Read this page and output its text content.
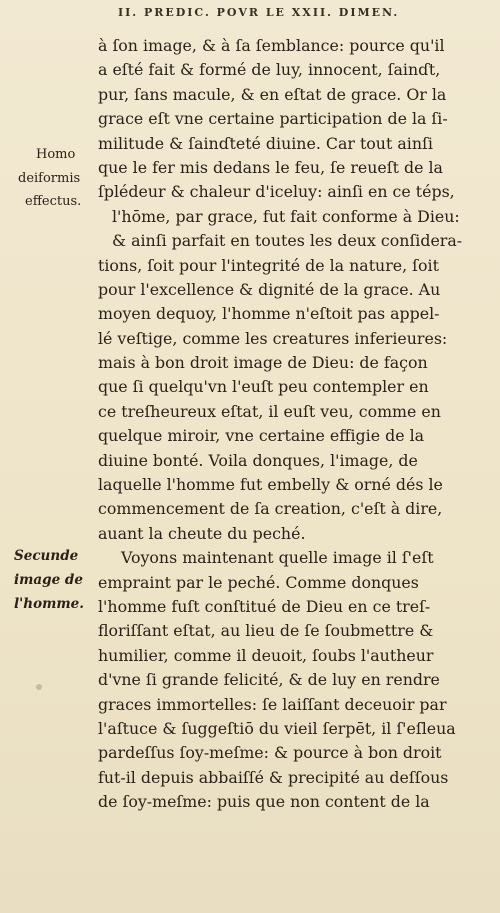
II. PREDIC. POVR LE XXII. DIMEN.
Homo
deiformis
effectus.
Secunde
image de
l'homme.
à ſon image, & à ſa ſemblance: pource qu'il
a eſté fait & formé de luy, innocent, ſainɗt,
pur, ſans macule, & en eſtat de grace. Or la
grace eſt vne certaine participation de la ſi-
militude & ſainɗteté diuine. Car tout ainſi
que le fer mis dedans le feu, ſe reueſt de la
ſplédeur & chaleur d'iceluy: ainſi en ce téps,
l'hōme, par grace, fut fait conforme à Dieu:
& ainſi parfait en toutes les deux conſidera-
tions, ſoit pour l'integrité de la nature, ſoit
pour l'excellence & dignité de la grace. Au
moyen dequoy, l'homme n'eſtoit pas appel-
lé veſtige, comme les creatures inferieures:
mais à bon droit image de Dieu: de façon
que ſi quelqu'vn l'euſt peu contempler en
ce treſheureux eſtat, il euſt veu, comme en
quelque miroir, vne certaine effigie de la
diuine bonté. Voila donques, l'image, de
laquelle l'homme fut embelly & orné dés le
commencement de ſa creation, c'eſt à dire,
auant la cheute du peché.
Voyons maintenant quelle image il ſ'eſt
empraint par le peché. Comme donques
l'homme fuſt conſtitué de Dieu en ce treſ-
floriſſant eſtat, au lieu de ſe ſoubmettre &
humilier, comme il deuoit, ſoubs l'autheur
d'vne ſi grande felicité, & de luy en rendre
graces immortelles: ſe laiſſant deceuoir par
l'aſtuce & ſuggeſtiō du vieil ſerpēt, il ſ'eſleua
pardeſſus ſoy-meſme: & pource à bon droit
fut-il depuis abbaiſſé & precipité au deſſous
de ſoy-meſme: puis que non content de la
